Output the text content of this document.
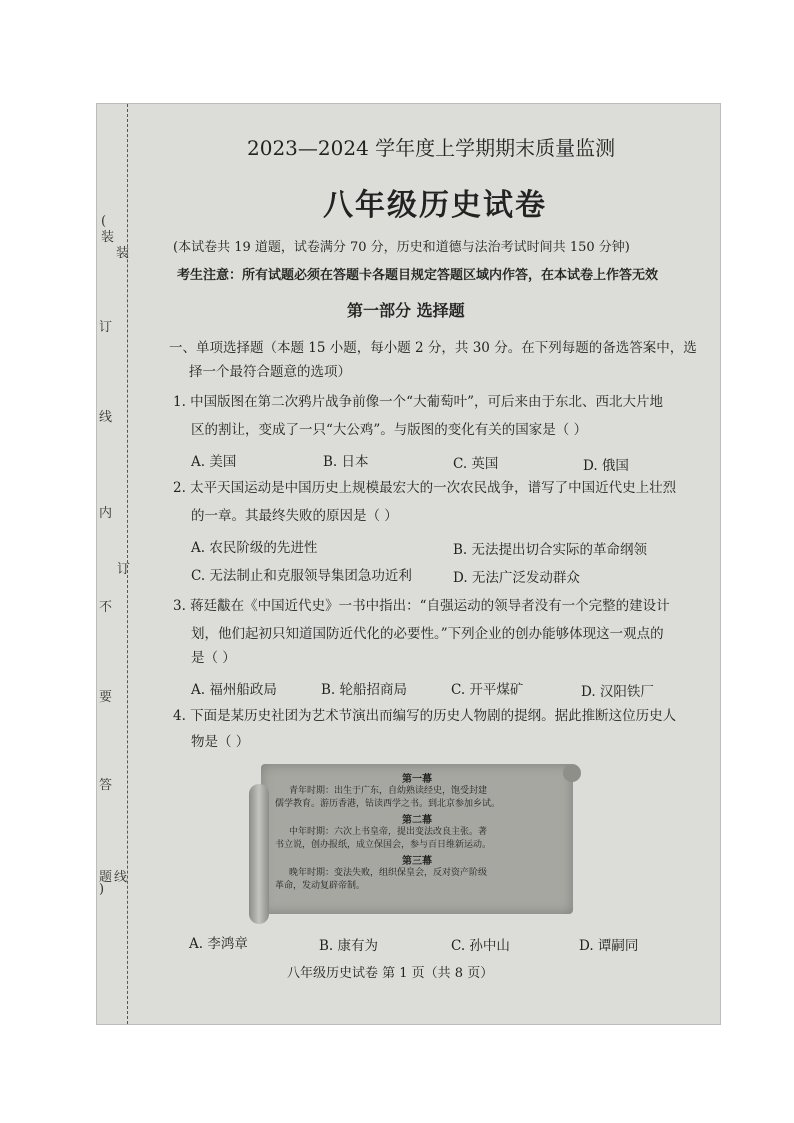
(
装
装
订
线
内
订
不
要
答
题 线
)
2023—2024 学年度上学期期末质量监测
八年级历史试卷
(本试卷共 19 道题，试卷满分 70 分，历史和道德与法治考试时间共 150 分钟)
考生注意：所有试题必须在答题卡各题目规定答题区域内作答，在本试卷上作答无效
第一部分 选择题
一、单项选择题（本题 15 小题，每小题 2 分，共 30 分。在下列每题的备选答案中，选
择一个最符合题意的选项）
1. 中国版图在第二次鸦片战争前像一个“大葡萄叶”，可后来由于东北、西北大片地
区的割让，变成了一只“大公鸡”。与版图的变化有关的国家是（ ）
A. 美国	B. 日本	C. 英国	D. 俄国
2. 太平天国运动是中国历史上规模最宏大的一次农民战争，谱写了中国近代史上壮烈
的一章。其最终失败的原因是（ ）
A. 农民阶级的先进性	B. 无法提出切合实际的革命纲领
C. 无法制止和克服领导集团急功近利	D. 无法广泛发动群众
3. 蒋廷黻在《中国近代史》一书中指出：“自强运动的领导者没有一个完整的建设计
划，他们起初只知道国防近代化的必要性。”下列企业的创办能够体现这一观点的
是（ ）
A. 福州船政局	B. 轮船招商局	C. 开平煤矿	D. 汉阳铁厂
4. 下面是某历史社团为艺术节演出而编写的历史人物剧的提纲。据此推断这位历史人
物是（ ）
第一幕
青年时期：出生于广东，自幼熟读经史，饱受封建
儒学教育。游历香港，钻读西学之书。到北京参加乡试。
第二幕
中年时期：六次上书皇帝，提出变法改良主张。著
书立说，创办报纸，成立保国会，参与百日维新运动。
第三幕
晚年时期：变法失败，组织保皇会，反对资产阶级
革命，发动复辟帝制。
A. 李鸿章	B. 康有为	C. 孙中山	D. 谭嗣同
八年级历史试卷 第 1 页（共 8 页）
